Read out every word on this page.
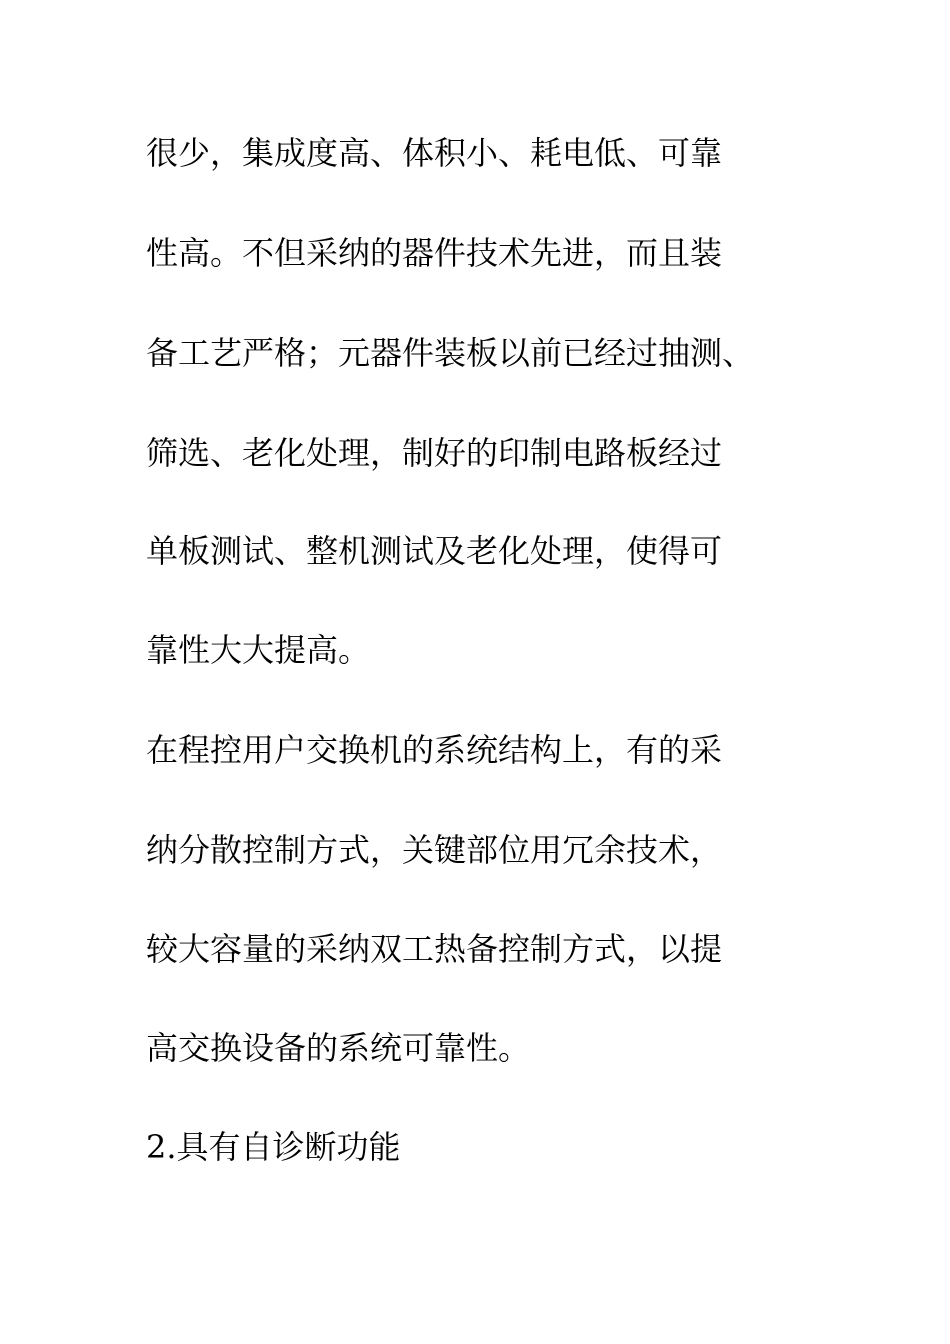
很少，集成度高、体积小、耗电低、可靠
性高。不但采纳的器件技术先进，而且装
备工艺严格；元器件装板以前已经过抽测、
筛选、老化处理，制好的印制电路板经过
单板测试、整机测试及老化处理，使得可
靠性大大提高。
在程控用户交换机的系统结构上，有的采
纳分散控制方式，关键部位用冗余技术，
较大容量的采纳双工热备控制方式，以提
高交换设备的系统可靠性。
2.具有自诊断功能
